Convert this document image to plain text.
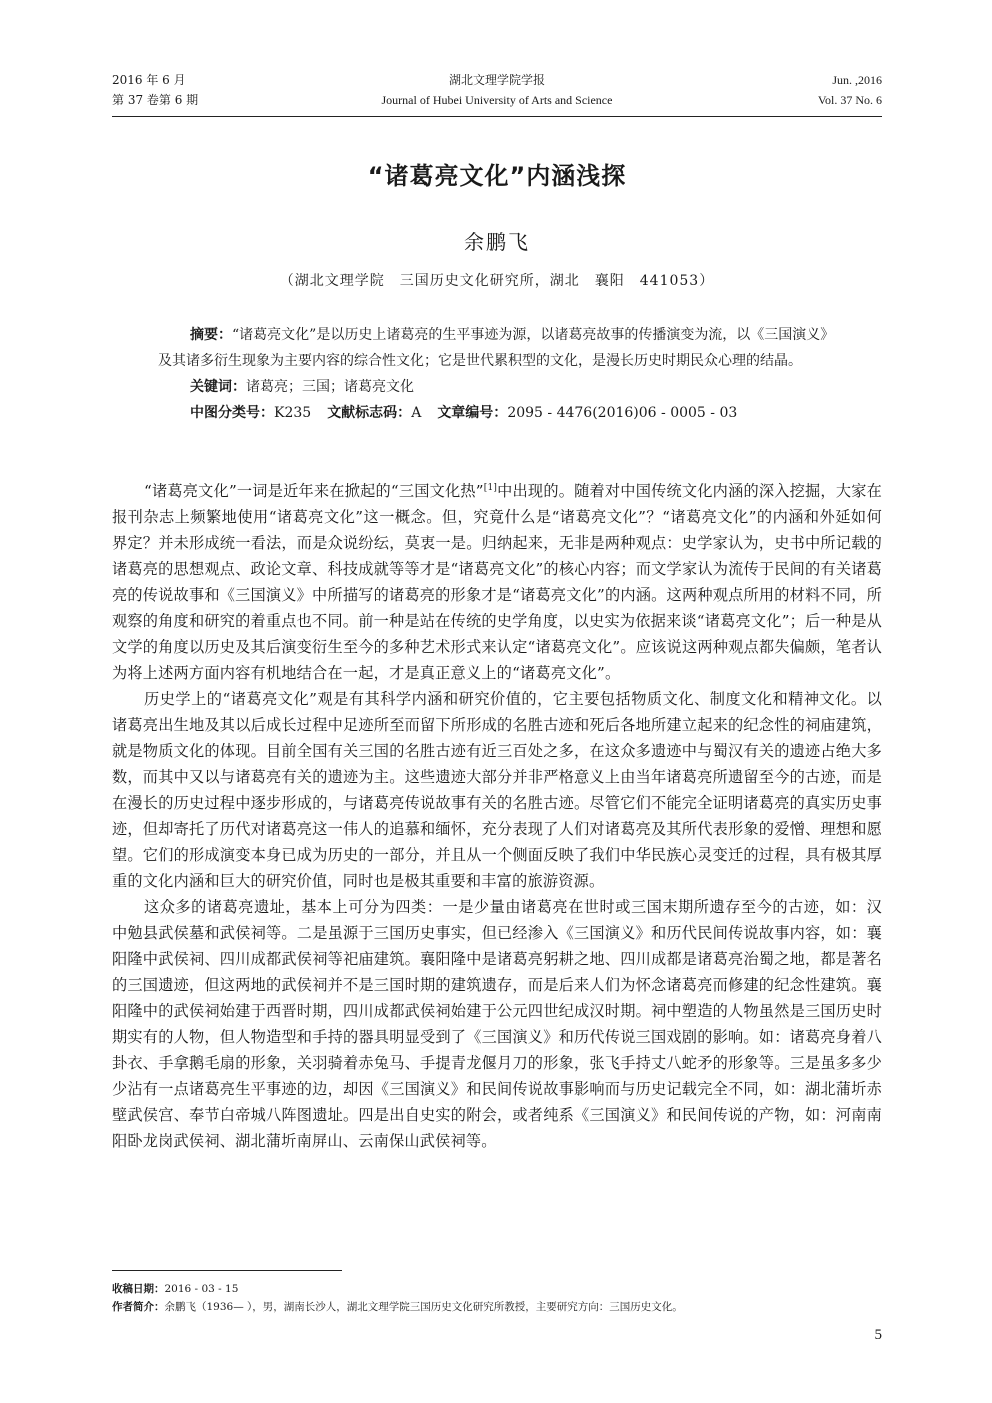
2016 年 6 月
第 37 卷第 6 期
湖北文理学院学报
Journal of Hubei University of Arts and Science
Jun. ,2016
Vol. 37 No. 6
“诸葛亮文化”内涵浅探
余鹏飞
（湖北文理学院　三国历史文化研究所，湖北　襄阳　441053）

摘要：“诸葛亮文化”是以历史上诸葛亮的生平事迹为源，以诸葛亮故事的传播演变为流，以《三国演义》及其诸多衍生现象为主要内容的综合性文化；它是世代累积型的文化，是漫长历史时期民众心理的结晶。

关键词：诸葛亮；三国；诸葛亮文化

中图分类号：K235 文献标志码：A 文章编号：2095 - 4476(2016)06 - 0005 - 03

“诸葛亮文化”一词是近年来在掀起的“三国文化热”[1]中出现的。随着对中国传统文化内涵的深入挖掘，大家在报刊杂志上频繁地使用“诸葛亮文化”这一概念。但，究竟什么是“诸葛亮文化”？“诸葛亮文化”的内涵和外延如何界定？并未形成统一看法，而是众说纷纭，莫衷一是。归纳起来，无非是两种观点：史学家认为，史书中所记载的诸葛亮的思想观点、政论文章、科技成就等等才是“诸葛亮文化”的核心内容；而文学家认为流传于民间的有关诸葛亮的传说故事和《三国演义》中所描写的诸葛亮的形象才是“诸葛亮文化”的内涵。这两种观点所用的材料不同，所观察的角度和研究的着重点也不同。前一种是站在传统的史学角度，以史实为依据来谈“诸葛亮文化”；后一种是从文学的角度以历史及其后演变衍生至今的多种艺术形式来认定“诸葛亮文化”。应该说这两种观点都失偏颇，笔者认为将上述两方面内容有机地结合在一起，才是真正意义上的“诸葛亮文化”。

历史学上的“诸葛亮文化”观是有其科学内涵和研究价值的，它主要包括物质文化、制度文化和精神文化。以诸葛亮出生地及其以后成长过程中足迹所至而留下所形成的名胜古迹和死后各地所建立起来的纪念性的祠庙建筑，就是物质文化的体现。目前全国有关三国的名胜古迹有近三百处之多，在这众多遗迹中与蜀汉有关的遗迹占绝大多数，而其中又以与诸葛亮有关的遗迹为主。这些遗迹大部分并非严格意义上由当年诸葛亮所遗留至今的古迹，而是在漫长的历史过程中逐步形成的，与诸葛亮传说故事有关的名胜古迹。尽管它们不能完全证明诸葛亮的真实历史事迹，但却寄托了历代对诸葛亮这一伟人的追慕和缅怀，充分表现了人们对诸葛亮及其所代表形象的爱憎、理想和愿望。它们的形成演变本身已成为历史的一部分，并且从一个侧面反映了我们中华民族心灵变迁的过程，具有极其厚重的文化内涵和巨大的研究价值，同时也是极其重要和丰富的旅游资源。

这众多的诸葛亮遗址，基本上可分为四类：一是少量由诸葛亮在世时或三国末期所遗存至今的古迹，如：汉中勉县武侯墓和武侯祠等。二是虽源于三国历史事实，但已经渗入《三国演义》和历代民间传说故事内容，如：襄阳隆中武侯祠、四川成都武侯祠等祀庙建筑。襄阳隆中是诸葛亮躬耕之地、四川成都是诸葛亮治蜀之地，都是著名的三国遗迹，但这两地的武侯祠并不是三国时期的建筑遗存，而是后来人们为怀念诸葛亮而修建的纪念性建筑。襄阳隆中的武侯祠始建于西晋时期，四川成都武侯祠始建于公元四世纪成汉时期。祠中塑造的人物虽然是三国历史时期实有的人物，但人物造型和手持的器具明显受到了《三国演义》和历代传说三国戏剧的影响。如：诸葛亮身着八卦衣、手拿鹅毛扇的形象，关羽骑着赤兔马、手提青龙偃月刀的形象，张飞手持丈八蛇矛的形象等。三是虽多多少少沾有一点诸葛亮生平事迹的边，却因《三国演义》和民间传说故事影响而与历史记载完全不同，如：湖北蒲圻赤壁武侯宫、奉节白帝城八阵图遗址。四是出自史实的附会，或者纯系《三国演义》和民间传说的产物，如：河南南阳卧龙岗武侯祠、湖北蒲圻南屏山、云南保山武侯祠等。

收稿日期：2016 - 03 - 15
作者简介：余鹏飞（1936— ），男，湖南长沙人，湖北文理学院三国历史文化研究所教授，主要研究方向：三国历史文化。
5
